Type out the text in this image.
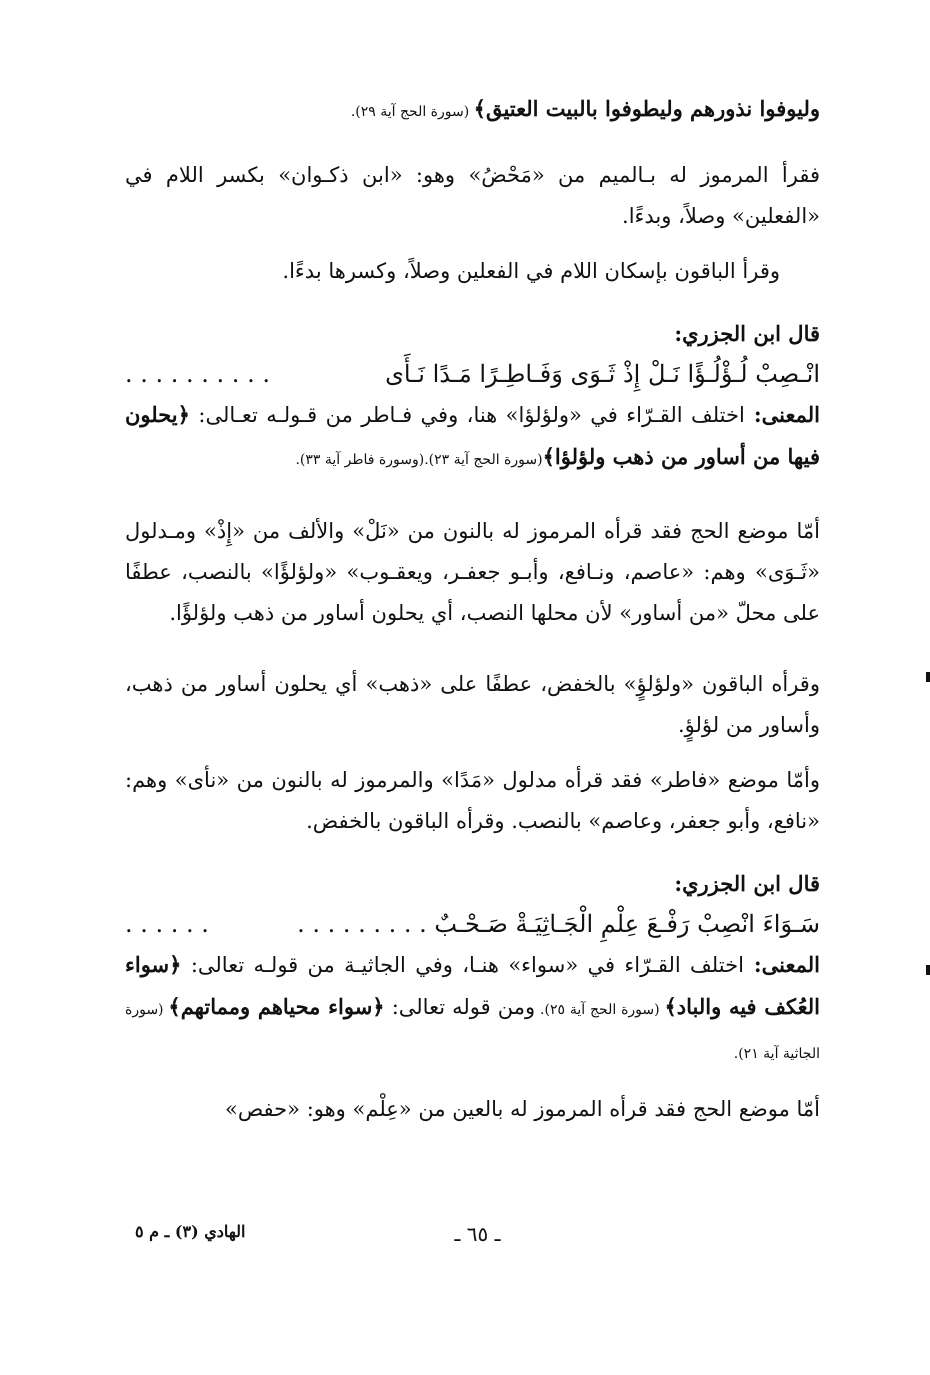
وليوفوا نذورهم وليطوفوا بالبيت العتيق﴾ (سورة الحج آية ٢٩).

فقرأ المرموز له بـالميم من «مَحْضُ» وهو: «ابن ذكـوان» بكسر اللام في «الفعلين» وصلاً، وبدءًا.

وقرأ الباقون بإسكان اللام في الفعلين وصلاً، وكسرها بدءًا.

قال ابن الجزري:

انْـصِبْ لُـؤْلُـؤًا نَـلْ إِذْ ثَـوَى وَفَـاطِـرًا مَـدًا نَـأَى
. . . . . . . . . .

المعنى: اختلف القـرّاء في «ولؤلؤا» هنا، وفي فـاطر من قـولـه تعـالى: ﴿يحلون فيها من أساور من ذهب ولؤلؤا﴾(سورة الحج آية ٢٣).(وسورة فاطر آية ٣٣).

أمّا موضع الحج فقد قرأه المرموز له بالنون من «نَلْ» والألف من «إِذْ» ومـدلول «ثَـوَى» وهم: «عاصم، ونـافع، وأبـو جعفـر، ويعقـوب» «ولؤلؤًا» بالنصب، عطفًا على محلّ «من أساور» لأن محلها النصب، أي يحلون أساور من ذهب ولؤلؤًا.

وقرأه الباقون «ولؤلؤٍ» بالخفض، عطفًا على «ذهب» أي يحلون أساور من ذهب، وأساور من لؤلؤٍ.

وأمّا موضع «فاطر» فقد قرأه مدلول «مَدًا» والمرموز له بالنون من «نأى» وهم: «نافع، وأبو جعفر، وعاصم» بالنصب. وقرأه الباقون بالخفض.

قال ابن الجزري:

سَـوَاءَ انْصِبْ رَفْـعَ عِلْمِ الْجَـاثِيَـةْ صَـحْـبٌ . . . . . . . . .
. . . . . .

المعنى: اختلف القـرّاء في «سواء» هنـا، وفي الجاثيـة من قولـه تعالى: ﴿سواء العُكف فيه والباد﴾ (سورة الحج آية ٢٥). ومن قوله تعالى: ﴿سواء محياهم ومماتهم﴾ (سورة الجاثية آية ٢١).

أمّا موضع الحج فقد قرأه المرموز له بالعين من «عِلْم» وهو: «حفص»

ـ ٦٥ ـ
الهادي (٣) ـ م ٥
